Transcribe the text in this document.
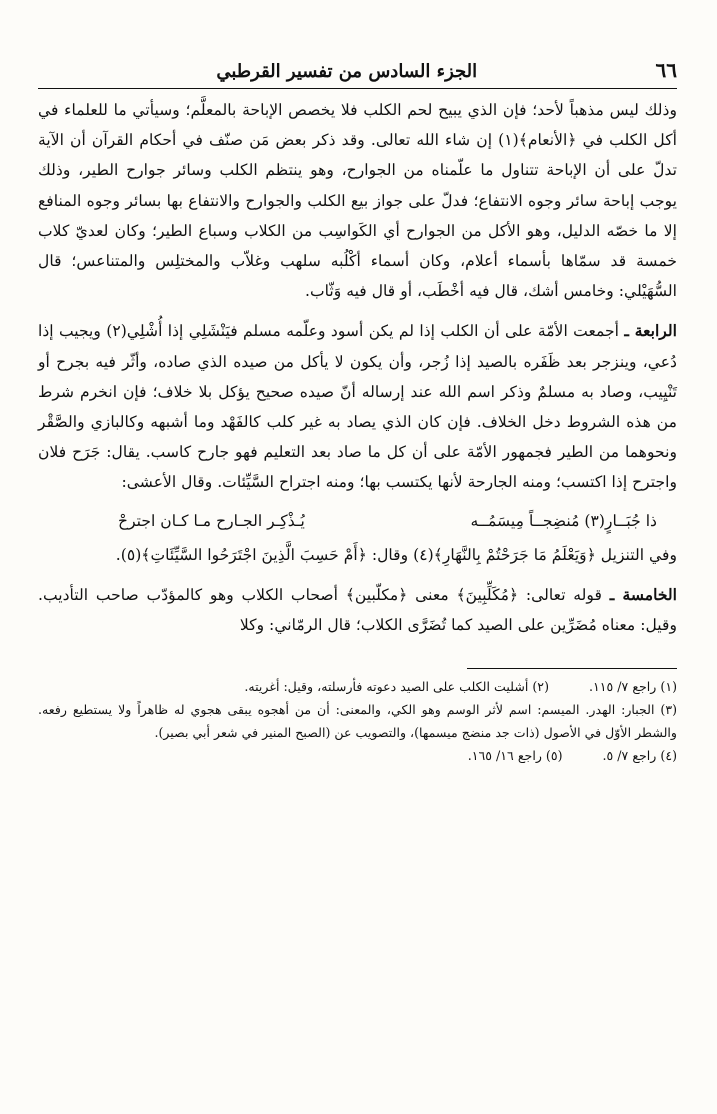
٦٦
الجزء السادس من تفسير القرطبي

وذلك ليس مذهباً لأحد؛ فإن الذي يبيح لحم الكلب فلا يخصص الإباحة بالمعلَّم؛ وسيأتي ما للعلماء في أكل الكلب في ﴿الأنعام﴾(١) إن شاء الله تعالى. وقد ذكر بعض مَن صنّف في أحكام القرآن أن الآية تدلّ على أن الإباحة تتناول ما علّمناه من الجوارح، وهو ينتظم الكلب وسائر جوارح الطير، وذلك يوجب إباحة سائر وجوه الانتفاع؛ فدلّ على جواز بيع الكلب والجوارح والانتفاع بها بسائر وجوه المنافع إلا ما خصّه الدليل، وهو الأكل من الجوارح أي الكَواسِب من الكلاب وسباع الطير؛ وكان لعديّ كلاب خمسة قد سمّاها بأسماء أعلام، وكان أسماء أكْلُبه سلهب وغلاّب والمختلِس والمتناعس؛ قال السُّهَيْلي: وخامس أشك، قال فيه أخْطَب، أو قال فيه وَثّاب.

الرابعة ـ أجمعت الأمّة على أن الكلب إذا لم يكن أسود وعلّمه مسلم فيَنْشَلِي إذا أُشْلِي(٢) ويجيب إذا دُعي، وينزجر بعد ظَفَره بالصيد إذا زُجر، وأن يكون لا يأكل من صيده الذي صاده، وأثّر فيه بجرح أو تَنْيِيب، وصاد به مسلمٌ وذكر اسم الله عند إرساله أنّ صيده صحيح يؤكل بلا خلاف؛ فإن انخرم شرط من هذه الشروط دخل الخلاف. فإن كان الذي يصاد به غير كلب كالفَهْد وما أشبهه وكالبازي والصَّقْر ونحوهما من الطير فجمهور الأمّة على أن كل ما صاد بعد التعليم فهو جارح كاسب. يقال: جَرَح فلان واجترح إذا اكتسب؛ ومنه الجارحة لأنها يكتسب بها؛ ومنه اجتراح السَّيِّئات. وقال الأعشى:

ذا جُبَــارٍ(٣) مُنضِجــاً مِيسَمُــه
يُـذْكِـر الجـارح مـا كـان اجترحْ

وفي التنزيل ﴿وَيَعْلَمُ مَا جَرَحْتُمْ بِالنَّهَارِ﴾(٤) وقال: ﴿أَمْ حَسِبَ الَّذِينَ اجْتَرَحُوا السَّيِّئَاتِ﴾(٥).

الخامسة ـ قوله تعالى: ﴿مُكَلِّبِينَ﴾ معنى ﴿مكلّبين﴾ أصحاب الكلاب وهو كالمؤدّب صاحب التأديب. وقيل: معناه مُضَرِّين على الصيد كما تُضَرَّى الكلاب؛ قال الرمّاني: وكلا

(١) راجع ٧/ ١١٥.
(٢) أشليت الكلب على الصيد دعوته فأرسلته، وقيل: أغريته.

(٣) الجبار: الهدر. الميسم: اسم لأثر الوسم وهو الكي، والمعنى: أن من أهجوه يبقى هجوي له ظاهراً ولا يستطيع رفعه. والشطر الأوّل في الأصول (ذات جد منضج ميسمها)، والتصويب عن (الصبح المنير في شعر أبي بصير).

(٤) راجع ٧/ ٥.
(٥) راجع ١٦/ ١٦٥.
